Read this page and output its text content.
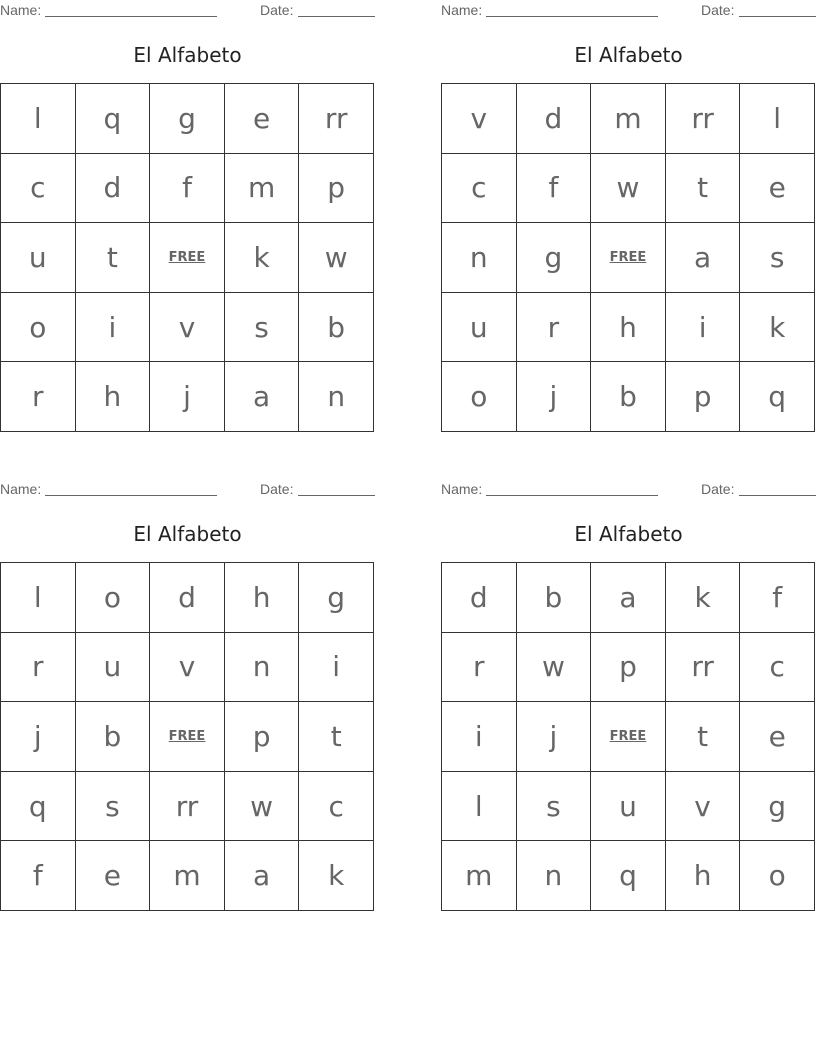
Name:	Date:
El Alfabeto
l	q	g	e	rr
c	d	f	m	p
u	t	FREE	k	w
o	i	v	s	b
r	h	j	a	n
Name:	Date:
El Alfabeto
v	d	m	rr	l
c	f	w	t	e
n	g	FREE	a	s
u	r	h	i	k
o	j	b	p	q
Name:	Date:
El Alfabeto
l	o	d	h	g
r	u	v	n	i
j	b	FREE	p	t
q	s	rr	w	c
f	e	m	a	k
Name:	Date:
El Alfabeto
d	b	a	k	f
r	w	p	rr	c
i	j	FREE	t	e
l	s	u	v	g
m	n	q	h	o
